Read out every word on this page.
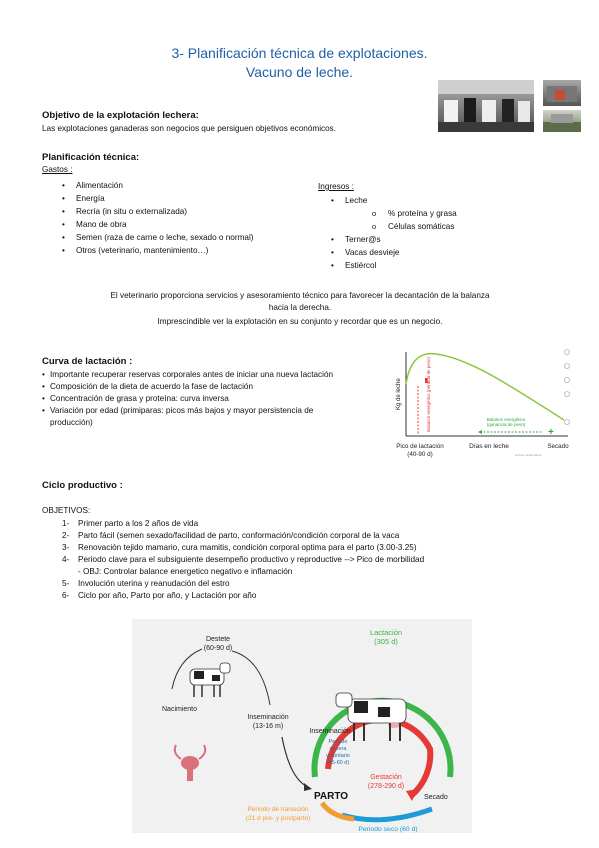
3- Planificación técnica de explotaciones.
Vacuno de leche.
Objetivo de la explotación lechera:
Las explotaciones ganaderas son negocios que persiguen objetivos económicos.
Planificación técnica:
Gastos :
• Alimentación
• Energía
• Recría (in situ o externalizada)
• Mano de obra
• Semen (raza de carne o leche, sexado o normal)
• Otros (veterinario, mantenimiento…)
Ingresos :
• Leche
o % proteína y grasa
o Células somáticas
• Terner@s
• Vacas desvieje
• Estiércol
El veterinario proporciona servicios y asesoramiento técnico para favorecer la decantación de la balanza
hacia la derecha.
Imprescindible ver la explotación en su conjunto y recordar que es un negocio.
Curva de lactación :
• Importante recuperar reservas corporales antes de iniciar una nueva lactación
• Composición de la dieta de acuerdo la fase de lactación
• Concentración de grasa y proteína: curva inversa
• Variación por edad (primiparas: picos más bajos y mayor persistencia de producción)	Balance energético (pérdida de peso)
+
Balance energético
(ganancia de peso)
Kg de leche
Pico de lactación
(40-90 d)
Días en leche	Secado
Archivo Veterinarios
Ciclo productivo :
OBJETIVOS:
1-	Primer parto a los 2 años de vida
2-	Parto fácil (semen sexado/facilidad de parto, conformación/condición corporal de la vaca
3-	Renovación tejido mamario, cura mamitis, condición corporal optima para el parto (3.00-3.25)
4-	Periodo clave para el subsiguiente desempeño productivo y reproductive --> Pico de morbilidad
- OBJ: Controlar balance energetico negativo e inflamación
5-	Involución uterina y reanudación del estro
6-	Ciclo por año, Parto por año, y Lactación por año
Destete
(60-90 d)
Nacimiento
Inseminación
(13-16 m)
Lactación
(305 d)
Inseminación
Periodo
espera
voluntario
(45-60 d)
Gestación
(278-290 d)
PARTO	Secado
Periodo de transición
(21 d pre- y postparto)
Periodo seco (60 d)
